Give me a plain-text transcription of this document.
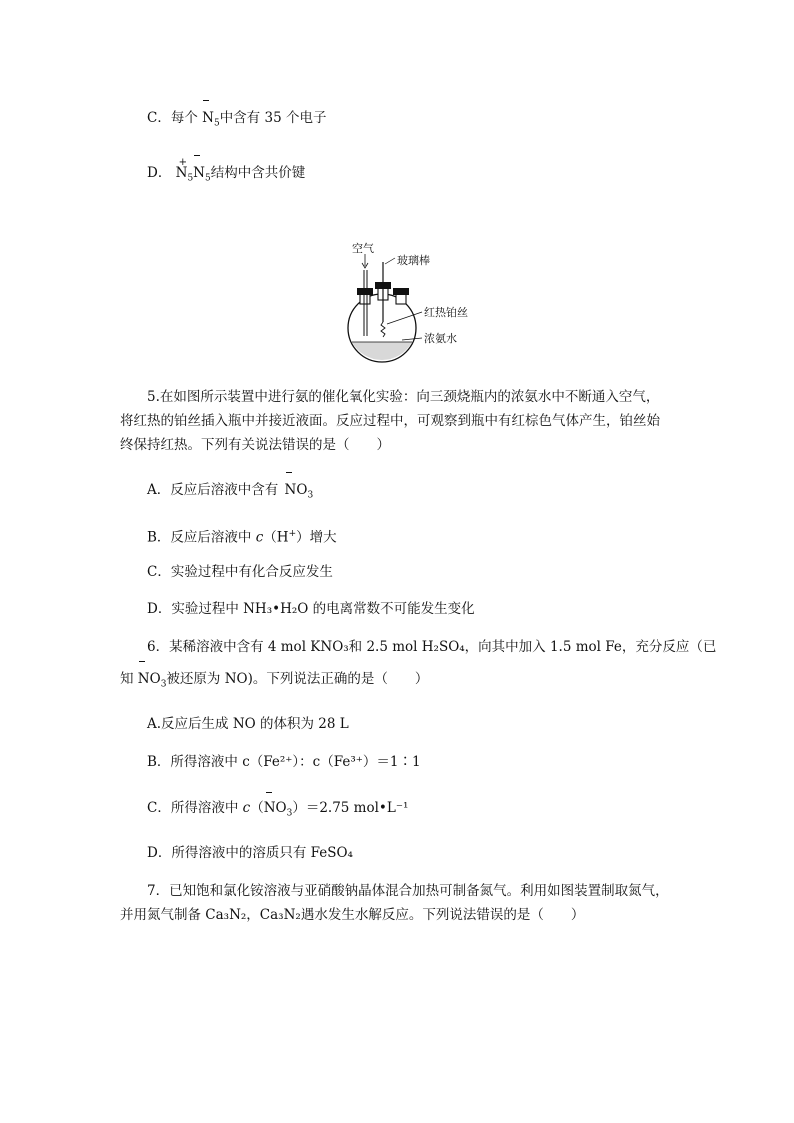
C．每个 $N_5$中含有 35 个电子
D．
+
$N_5N_5$结构中含共价键
空气
玻璃棒
红热铂丝
浓氨水
5.在如图所示装置中进行氨的催化氧化实验：向三颈烧瓶内的浓氨水中不断通入空气，
将红热的铂丝插入瓶中并接近液面。反应过程中，可观察到瓶中有红棕色气体产生，铂丝始
终保持红热。下列有关说法错误的是（　　）
A．反应后溶液中含有 $NO_3$
B．反应后溶液中 c（H+）增大
C．实验过程中有化合反应发生
D．实验过程中 NH₃•H₂O 的电离常数不可能发生变化
6．某稀溶液中含有 4 mol KNO₃和 2.5 mol H₂SO₄，向其中加入 1.5 mol Fe，充分反应（已
知 $NO_3$被还原为 NO)。下列说法正确的是（　　）
A.反应后生成 NO 的体积为 28 L
B．所得溶液中 c（Fe²⁺）：c（Fe³⁺）＝1∶1
C．所得溶液中 c
$(NO_3)=2.75$ mol•L⁻¹
D．所得溶液中的溶质只有 FeSO₄
7．已知饱和氯化铵溶液与亚硝酸钠晶体混合加热可制备氮气。利用如图装置制取氮气，
并用氮气制备 Ca₃N₂，Ca₃N₂遇水发生水解反应。下列说法错误的是（　　）
